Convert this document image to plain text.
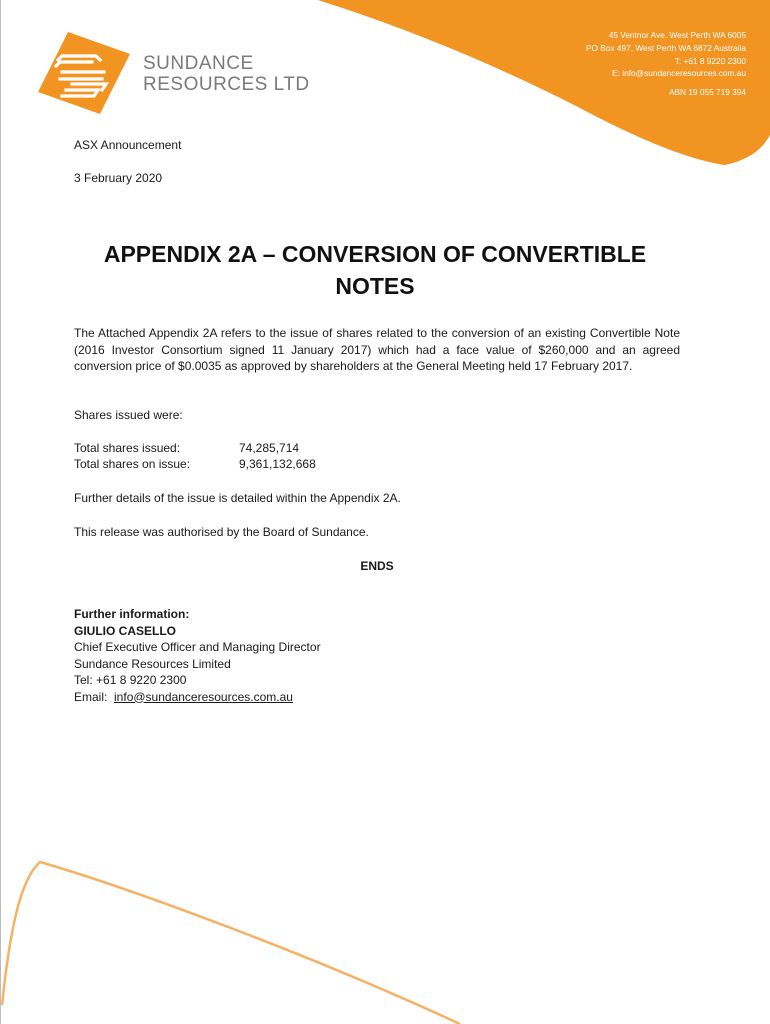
SUNDANCE
RESOURCES LTD
45 Ventnor Ave. West Perth WA 6005
PO Box 497, West Perth WA 6872 Australia
T: +61 8 9220 2300
E: info@sundanceresources.com.au
ABN 19 055 719 394
ASX Announcement
3 February 2020
APPENDIX 2A – CONVERSION OF CONVERTIBLE
NOTES
The Attached Appendix 2A refers to the issue of shares related to the conversion of an existing Convertible Note (2016 Investor Consortium signed 11 January 2017) which had a face value of $260,000 and an agreed conversion price of $0.0035 as approved by shareholders at the General Meeting held 17 February 2017.
Shares issued were:
Total shares issued:	74,285,714
Total shares on issue:	9,361,132,668
Further details of the issue is detailed within the Appendix 2A.
This release was authorised by the Board of Sundance.
ENDS
Further information:
GIULIO CASELLO
Chief Executive Officer and Managing Director
Sundance Resources Limited
Tel: +61 8 9220 2300
Email: info@sundanceresources.com.au
